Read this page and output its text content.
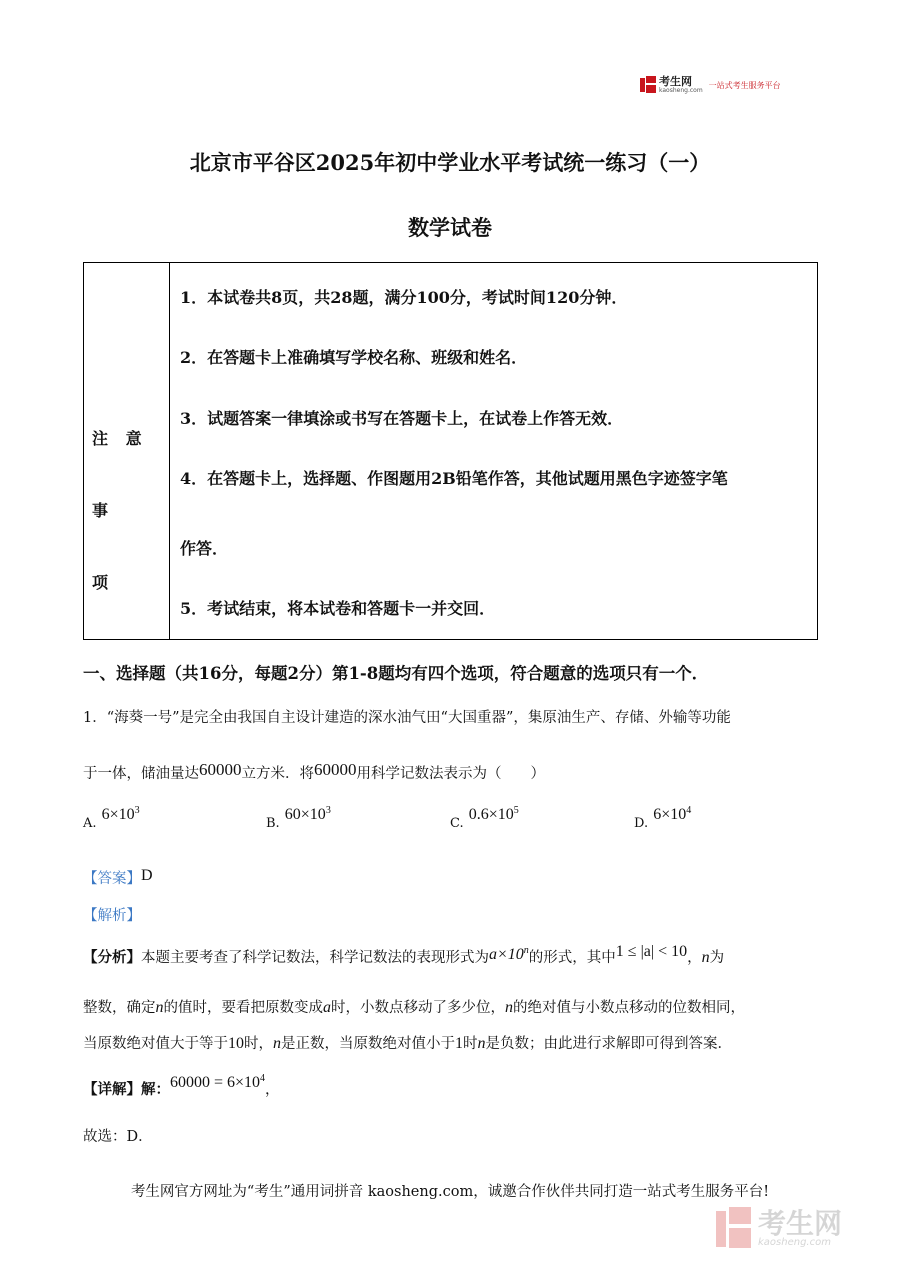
考生网
kaosheng.com
一站式考生服务平台
北京市平谷区2025年初中学业水平考试统一练习（一）
数学试卷
注 意 事
项
1．本试卷共8页，共28题，满分100分，考试时间120分钟．
2．在答题卡上准确填写学校名称、班级和姓名．
3．试题答案一律填涂或书写在答题卡上，在试卷上作答无效．
4．在答题卡上，选择题、作图题用2B铅笔作答，其他试题用黑色字迹签字笔
作答．
5．考试结束，将本试卷和答题卡一并交回．
一、选择题（共16分，每题2分）第1-8题均有四个选项，符合题意的选项只有一个．
1．“海葵一号”是完全由我国自主设计建造的深水油气田“大国重器”，集原油生产、存储、外输等功能
于一体，储油量达60000立方米．将60000用科学记数法表示为（　　）
A. $6\times 10^3$
B. $60\times 10^3$
C. $0.6\times 10^5$
D. $6\times 10^4$
【答案】D
【解析】
【分析】本题主要考查了科学记数法，科学记数法的表现形式为$a\times 10^n$的形式，其中1 ≤ |a| < 10，n为
整数，确定n的值时，要看把原数变成a时，小数点移动了多少位，n的绝对值与小数点移动的位数相同，
当原数绝对值大于等于10时，n是正数，当原数绝对值小于1时n是负数；由此进行求解即可得到答案．
【详解】解：$60000 = 6\times 10^4$，
故选：D．
考生网官方网址为“考生”通用词拼音 kaosheng.com，诚邀合作伙伴共同打造一站式考生服务平台!
考生网
kaosheng.com
